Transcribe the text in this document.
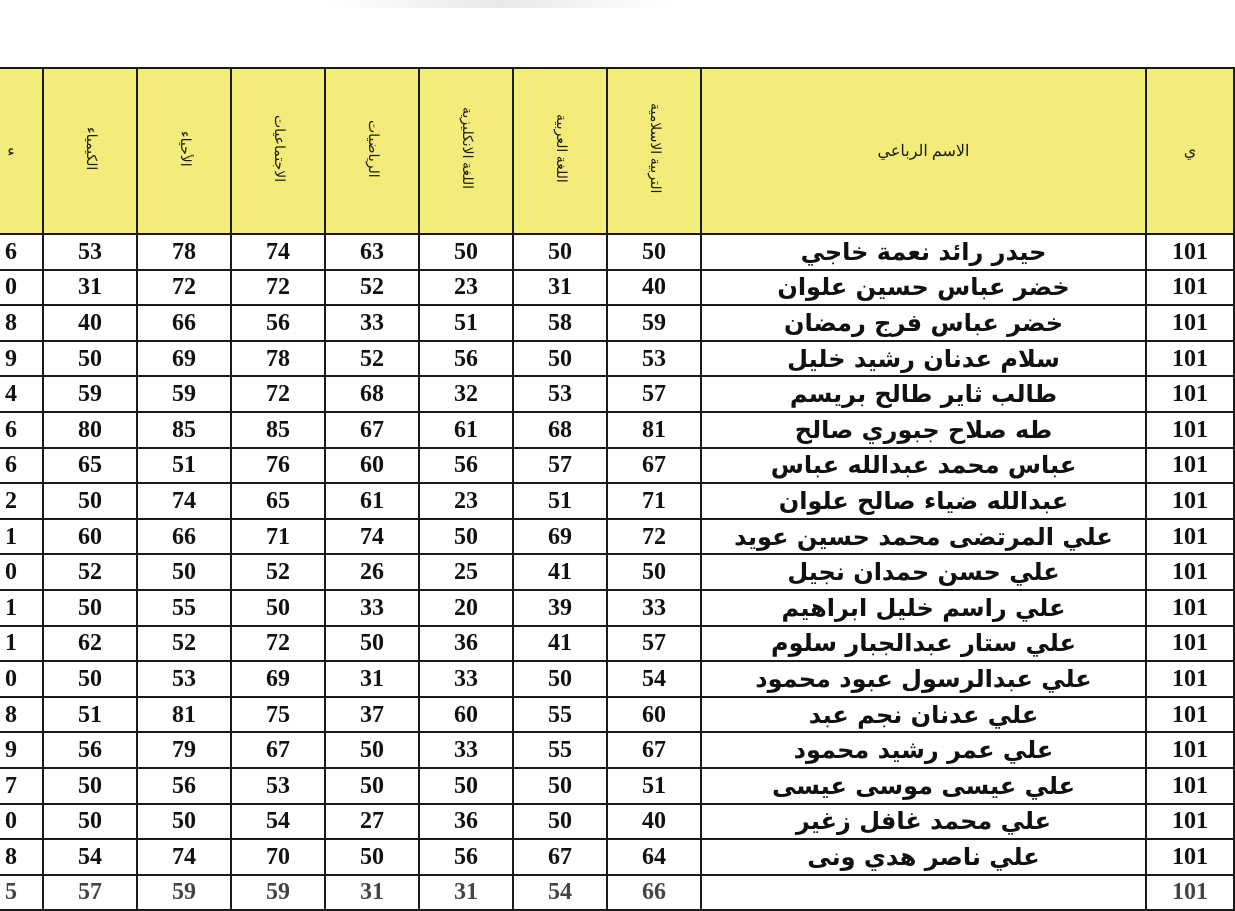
ي	الاسم الرباعي	التربية الاسلامية	اللغة العربية	اللغة الانكليزية	الرياضيات	الاجتماعيات	الأحياء	الكيمياء	ء
101	حيدر رائد نعمة خاجي	50	50	50	63	74	78	53	6
101	خضر عباس حسين علوان	40	31	23	52	72	72	31	0
101	خضر عباس فرج رمضان	59	58	51	33	56	66	40	8
101	سلام عدنان رشيد خليل	53	50	56	52	78	69	50	9
101	طالب ثاير طالح بريسم	57	53	32	68	72	59	59	4
101	طه صلاح جبوري صالح	81	68	61	67	85	85	80	6
101	عباس محمد عبدالله عباس	67	57	56	60	76	51	65	6
101	عبدالله ضياء صالح علوان	71	51	23	61	65	74	50	2
101	علي المرتضى محمد حسين عويد	72	69	50	74	71	66	60	1
101	علي حسن حمدان نجيل	50	41	25	26	52	50	52	0
101	علي راسم خليل ابراهيم	33	39	20	33	50	55	50	1
101	علي ستار عبدالجبار سلوم	57	41	36	50	72	52	62	1
101	علي عبدالرسول عبود محمود	54	50	33	31	69	53	50	0
101	علي عدنان نجم عبد	60	55	60	37	75	81	51	8
101	علي عمر رشيد محمود	67	55	33	50	67	79	56	9
101	علي عيسى موسى عيسى	51	50	50	50	53	56	50	7
101	علي محمد غافل زغير	40	50	36	27	54	50	50	0
101	علي ناصر هدي ونى	64	67	56	50	70	74	54	8
101		66	54	31	31	59	59	57	5
